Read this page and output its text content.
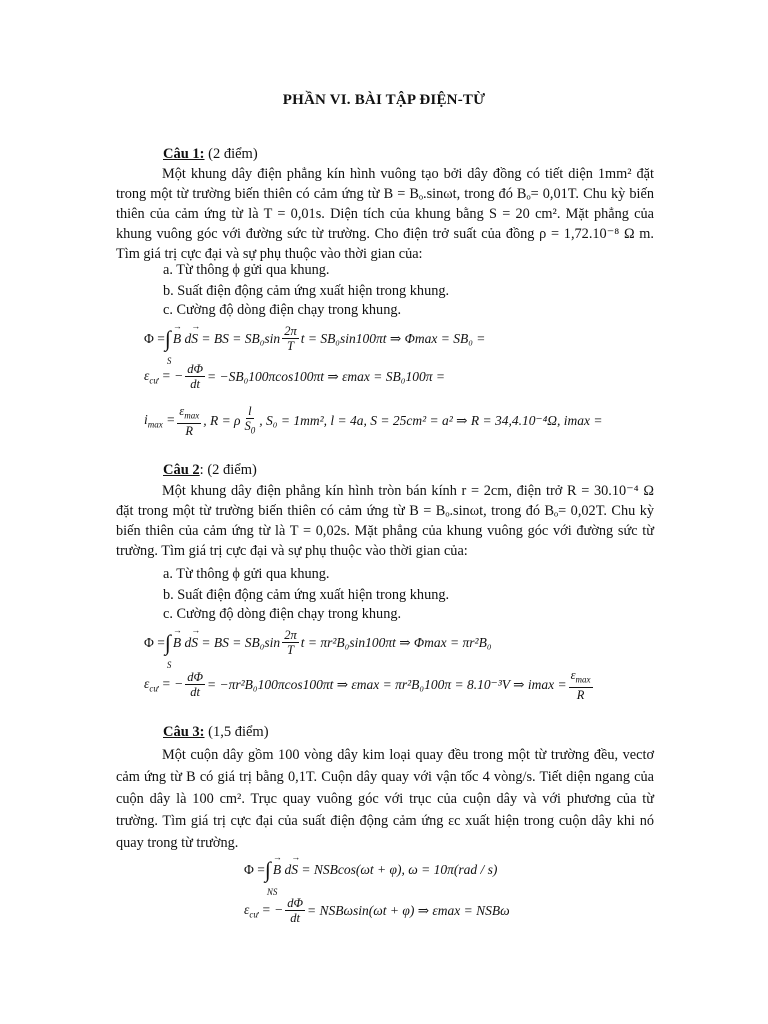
PHẦN VI. BÀI TẬP ĐIỆN-TỪ
Câu 1: (2 điểm)
Một khung dây điện phẳng kín hình vuông tạo bởi dây đồng có tiết diện 1mm² đặt trong một từ trường biến thiên có cảm ứng từ B = Bₒ.sinωt, trong đó Bₒ= 0,01T. Chu kỳ biến thiên của cảm ứng từ là T = 0,01s. Diện tích của khung bằng S = 20 cm². Mặt phẳng của khung vuông góc với đường sức từ trường. Cho điện trở suất của đồng ρ = 1,72.10⁻⁸ Ω m. Tìm giá trị cực đại và sự phụ thuộc vào thời gian của:
a. Từ thông ϕ gửi qua khung.
b. Suất điện động cảm ứng xuất hiện trong khung.
c. Cường độ dòng điện chạy trong khung.
Φ = ∫
S
→ B d → S
= BS = $SB_0\sin \frac{2\pi}{T}$ t = SB₀sin100πt ⇒ Φmax = SB₀ =
$\varepsilon_{cư}$ = − $\frac{d\Phi}{dt} = -SB_0100\pi\cos 100\pi t$ ⇒ εmax = SB₀100π =
$i_{max} = \frac{\varepsilon_{max}}{R}$ , R = ρ $\frac{l}{S_0}$ , S₀ = 1mm², l = 4a, S = 25cm² = a² ⇒ R = 34,4.10⁻⁴Ω, imax =
Câu 2: (2 điểm)
Một khung dây điện phẳng kín hình tròn bán kính r = 2cm, điện trở R = 30.10⁻⁴ Ω đặt trong một từ trường biến thiên có cảm ứng từ B = Bₒ.sinωt, trong đó Bₒ= 0,02T. Chu kỳ biến thiên của cảm ứng từ là T = 0,02s. Mặt phẳng của khung vuông góc với đường sức từ trường. Tìm giá trị cực đại và sự phụ thuộc vào thời gian của:
a. Từ thông ϕ gửi qua khung.
b. Suất điện động cảm ứng xuất hiện trong khung.
c. Cường độ dòng điện chạy trong khung.
Φ = ∫
S
→ B d → S
= BS = $SB_0\sin \frac{2\pi}{T}$ t = πr²B₀sin100πt ⇒ Φmax = πr²B₀
$\varepsilon_{cư}$ = − $\frac{d\Phi}{dt} = -\pi r^2B_0100\pi\cos 100\pi t$ ⇒ εmax = πr²B₀100π = 8.10⁻³V ⇒ $imax = \frac{\varepsilon_{max}}{R}$
Câu 3: (1,5 điểm)
Một cuộn dây gồm 100 vòng dây kim loại quay đều trong một từ trường đều, vectơ cảm ứng từ B có giá trị bằng 0,1T. Cuộn dây quay với vận tốc 4 vòng/s. Tiết diện ngang của cuộn dây là 100 cm². Trục quay vuông góc với trục của cuộn dây và với phương của từ trường. Tìm giá trị cực đại của suất điện động cảm ứng εc xuất hiện trong cuộn dây khi nó quay trong từ trường.
Φ = ∫
NS
→ B d → S
= NSBcos(ωt + φ), ω = 10π(rad / s)
$\varepsilon_{cư}$ = − $\frac{d\Phi}{dt} = NSB\omega\sin(\omega t + \varphi)$ ⇒ εmax = NSBω
